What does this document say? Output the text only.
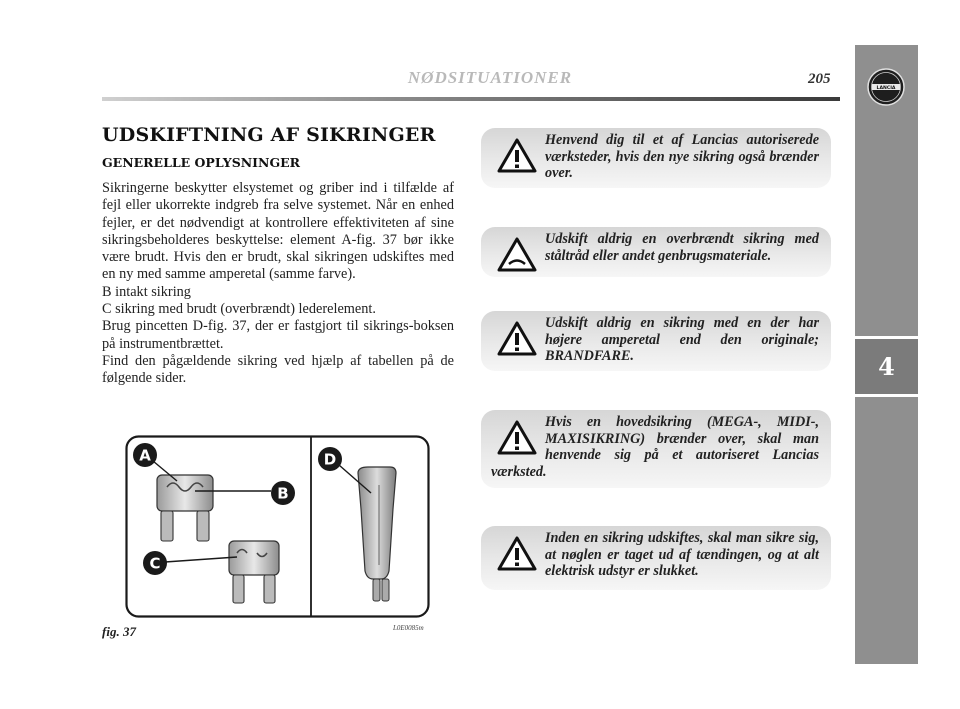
NØDSITUATIONER	205
LANCIA
4
UDSKIFTNING AF SIKRINGER
GENERELLE OPLYSNINGER

Sikringerne beskytter elsystemet og griber ind i tilfælde af fejl eller ukorrekte indgreb fra selve systemet. Når en enhed fejler, er det nødvendigt at kontrollere effektiviteten af sine sikringsbeholderes beskyttelse: element A-fig. 37 bør ikke være brudt. Hvis den er brudt, skal sikringen udskiftes med en ny med samme amperetal (samme farve).

B intakt sikring

C sikring med brudt (overbrændt) lederelement.

Brug pincetten D-fig. 37, der er fastgjort til sikrings-boksen på instrumentbrættet.

Find den pågældende sikring ved hjælp af tabellen på de følgende sider.

A
B
C
D
fig. 37	L0E0085m

Henvend dig til et af Lancias autoriserede værksteder, hvis den nye sikring også brænder over.

Udskift aldrig en overbrændt sikring med ståltråd eller andet genbrugsmateriale.

Udskift aldrig en sikring med en der har højere amperetal end den originale; BRANDFARE.

Hvis en hovedsikring (MEGA-, MIDI-, MAXISIKRING) brænder over, skal man henvende sig på et autoriseret Lancias værksted.

Inden en sikring udskiftes, skal man sikre sig, at nøglen er taget ud af tændingen, og at alt elektrisk udstyr er slukket.
